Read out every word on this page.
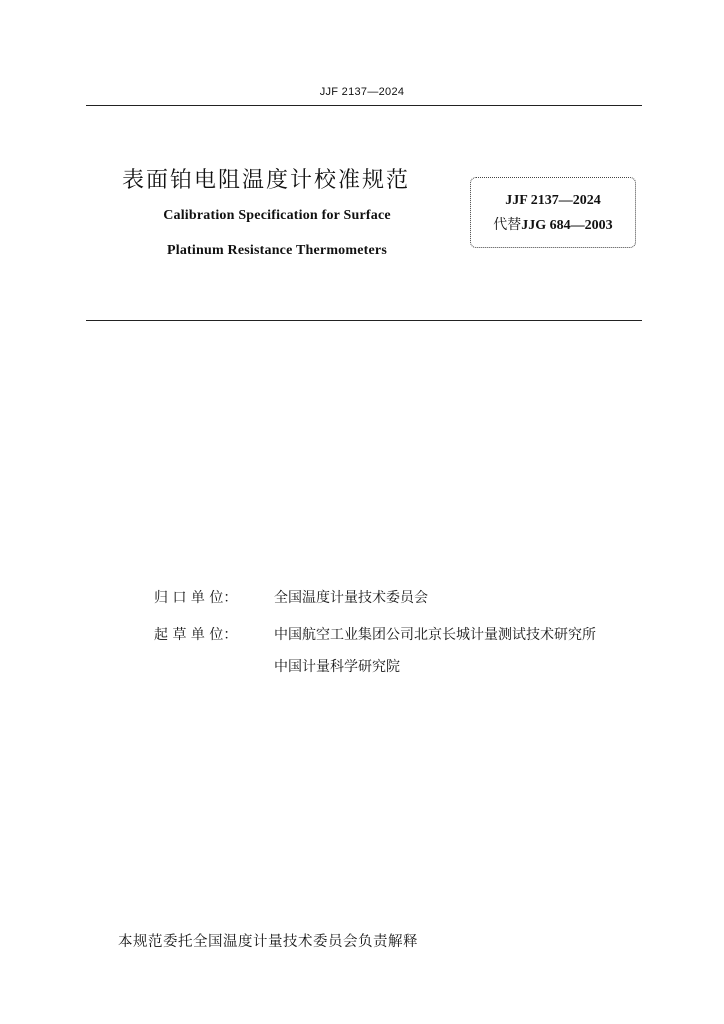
JJF 2137—2024
表面铂电阻温度计校准规范
Calibration Specification for Surface
Platinum Resistance Thermometers
JJF 2137—2024
代替JJG 684—2003
归 口 单 位：	全国温度计量技术委员会
起 草 单 位：	中国航空工业集团公司北京长城计量测试技术研究所
中国计量科学研究院
本规范委托全国温度计量技术委员会负责解释
